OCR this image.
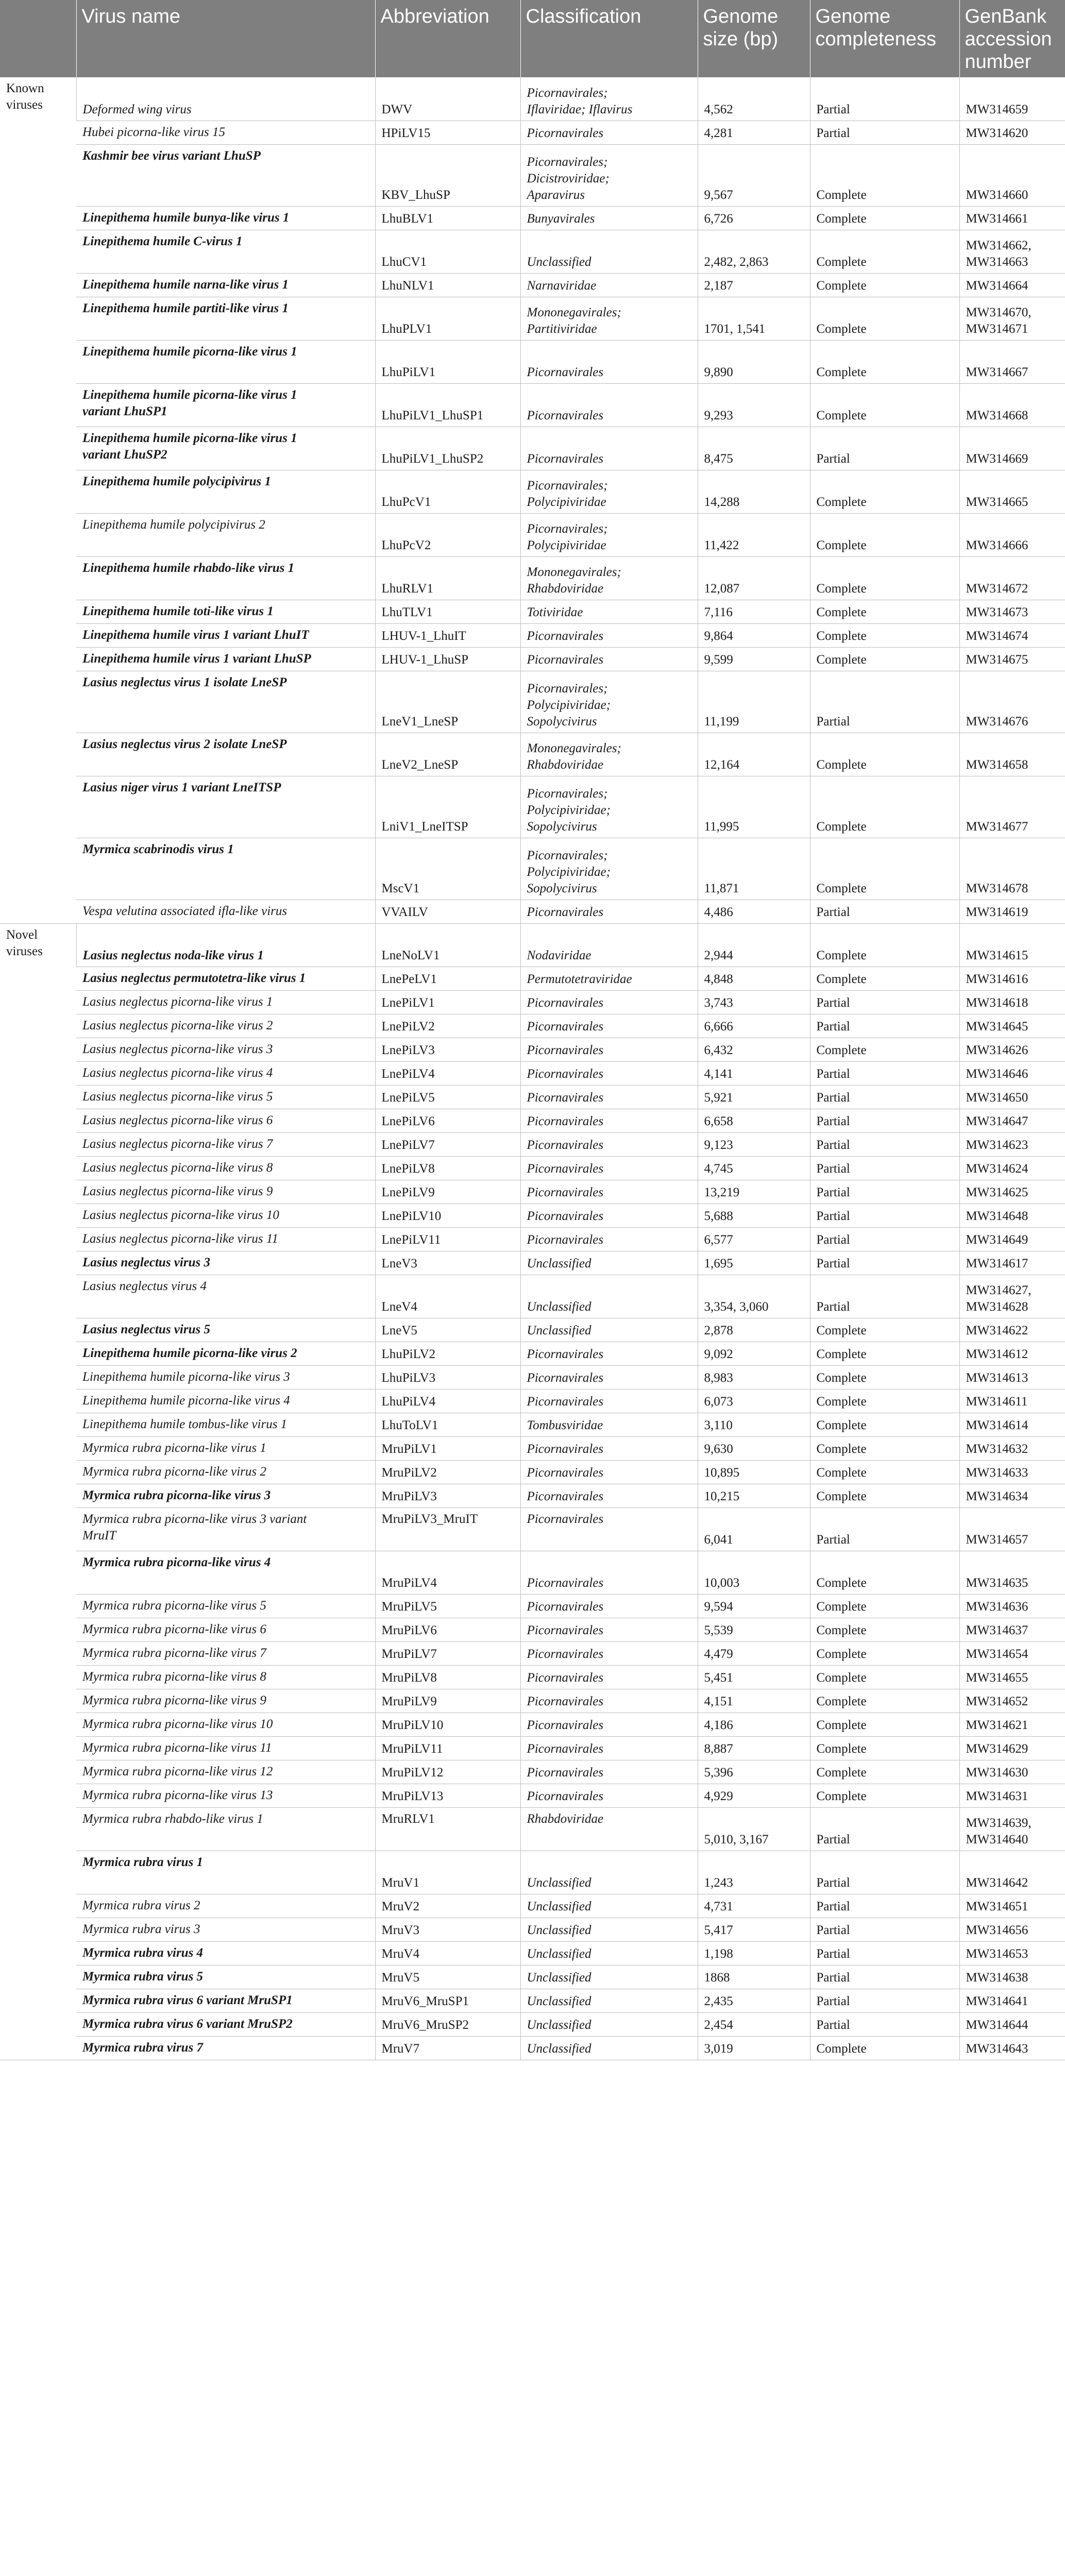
	Virus name	Abbreviation	Classification	Genome size (bp)	Genome completeness	GenBank accession number
Known viruses	Deformed wing virus	DWV	Picornavirales;
Iflaviridae; Iflavirus	4,562	Partial	MW314659
	Hubei picorna-like virus 15	HPiLV15	Picornavirales	4,281	Partial	MW314620
	Kashmir bee virus variant LhuSP	KBV_LhuSP	Picornavirales;
Dicistroviridae;
Aparavirus	9,567	Complete	MW314660
	Linepithema humile bunya-like virus 1	LhuBLV1	Bunyavirales	6,726	Complete	MW314661
	Linepithema humile C-virus 1	LhuCV1	Unclassified	2,482, 2,863	Complete	MW314662,
MW314663
	Linepithema humile narna-like virus 1	LhuNLV1	Narnaviridae	2,187	Complete	MW314664
	Linepithema humile partiti-like virus 1	LhuPLV1	Mononegavirales;
Partitiviridae	1701, 1,541	Complete	MW314670,
MW314671
	Linepithema humile picorna-like virus 1	LhuPiLV1	Picornavirales	9,890	Complete	MW314667
	Linepithema humile picorna-like virus 1
variant LhuSP1	LhuPiLV1_LhuSP1	Picornavirales	9,293	Complete	MW314668
	Linepithema humile picorna-like virus 1
variant LhuSP2	LhuPiLV1_LhuSP2	Picornavirales	8,475	Partial	MW314669
	Linepithema humile polycipivirus 1	LhuPcV1	Picornavirales;
Polycipiviridae	14,288	Complete	MW314665
	Linepithema humile polycipivirus 2	LhuPcV2	Picornavirales;
Polycipiviridae	11,422	Complete	MW314666
	Linepithema humile rhabdo-like virus 1	LhuRLV1	Mononegavirales;
Rhabdoviridae	12,087	Complete	MW314672
	Linepithema humile toti-like virus 1	LhuTLV1	Totiviridae	7,116	Complete	MW314673
	Linepithema humile virus 1 variant LhuIT	LHUV-1_LhuIT	Picornavirales	9,864	Complete	MW314674
	Linepithema humile virus 1 variant LhuSP	LHUV-1_LhuSP	Picornavirales	9,599	Complete	MW314675
	Lasius neglectus virus 1 isolate LneSP	LneV1_LneSP	Picornavirales;
Polycipiviridae;
Sopolycivirus	11,199	Partial	MW314676
	Lasius neglectus virus 2 isolate LneSP	LneV2_LneSP	Mononegavirales;
Rhabdoviridae	12,164	Complete	MW314658
	Lasius niger virus 1 variant LneITSP	LniV1_LneITSP	Picornavirales;
Polycipiviridae;
Sopolycivirus	11,995	Complete	MW314677
	Myrmica scabrinodis virus 1	MscV1	Picornavirales;
Polycipiviridae;
Sopolycivirus	11,871	Complete	MW314678
	Vespa velutina associated ifla-like virus	VVAILV	Picornavirales	4,486	Partial	MW314619
Novel viruses	Lasius neglectus noda-like virus 1	LneNoLV1	Nodaviridae	2,944	Complete	MW314615
	Lasius neglectus permutotetra-like virus 1	LnePeLV1	Permutotetraviridae	4,848	Complete	MW314616
	Lasius neglectus picorna-like virus 1	LnePiLV1	Picornavirales	3,743	Partial	MW314618
	Lasius neglectus picorna-like virus 2	LnePiLV2	Picornavirales	6,666	Partial	MW314645
	Lasius neglectus picorna-like virus 3	LnePiLV3	Picornavirales	6,432	Complete	MW314626
	Lasius neglectus picorna-like virus 4	LnePiLV4	Picornavirales	4,141	Partial	MW314646
	Lasius neglectus picorna-like virus 5	LnePiLV5	Picornavirales	5,921	Partial	MW314650
	Lasius neglectus picorna-like virus 6	LnePiLV6	Picornavirales	6,658	Partial	MW314647
	Lasius neglectus picorna-like virus 7	LnePiLV7	Picornavirales	9,123	Partial	MW314623
	Lasius neglectus picorna-like virus 8	LnePiLV8	Picornavirales	4,745	Partial	MW314624
	Lasius neglectus picorna-like virus 9	LnePiLV9	Picornavirales	13,219	Partial	MW314625
	Lasius neglectus picorna-like virus 10	LnePiLV10	Picornavirales	5,688	Partial	MW314648
	Lasius neglectus picorna-like virus 11	LnePiLV11	Picornavirales	6,577	Partial	MW314649
	Lasius neglectus virus 3	LneV3	Unclassified	1,695	Partial	MW314617
	Lasius neglectus virus 4	LneV4	Unclassified	3,354, 3,060	Partial	MW314627,
MW314628
	Lasius neglectus virus 5	LneV5	Unclassified	2,878	Complete	MW314622
	Linepithema humile picorna-like virus 2	LhuPiLV2	Picornavirales	9,092	Complete	MW314612
	Linepithema humile picorna-like virus 3	LhuPiLV3	Picornavirales	8,983	Complete	MW314613
	Linepithema humile picorna-like virus 4	LhuPiLV4	Picornavirales	6,073	Complete	MW314611
	Linepithema humile tombus-like virus 1	LhuToLV1	Tombusviridae	3,110	Complete	MW314614
	Myrmica rubra picorna-like virus 1	MruPiLV1	Picornavirales	9,630	Complete	MW314632
	Myrmica rubra picorna-like virus 2	MruPiLV2	Picornavirales	10,895	Complete	MW314633
	Myrmica rubra picorna-like virus 3	MruPiLV3	Picornavirales	10,215	Complete	MW314634
	Myrmica rubra picorna-like virus 3 variant
MruIT	MruPiLV3_MruIT	Picornavirales	6,041	Partial	MW314657
	Myrmica rubra picorna-like virus 4	MruPiLV4	Picornavirales	10,003	Complete	MW314635
	Myrmica rubra picorna-like virus 5	MruPiLV5	Picornavirales	9,594	Complete	MW314636
	Myrmica rubra picorna-like virus 6	MruPiLV6	Picornavirales	5,539	Complete	MW314637
	Myrmica rubra picorna-like virus 7	MruPiLV7	Picornavirales	4,479	Complete	MW314654
	Myrmica rubra picorna-like virus 8	MruPiLV8	Picornavirales	5,451	Complete	MW314655
	Myrmica rubra picorna-like virus 9	MruPiLV9	Picornavirales	4,151	Complete	MW314652
	Myrmica rubra picorna-like virus 10	MruPiLV10	Picornavirales	4,186	Complete	MW314621
	Myrmica rubra picorna-like virus 11	MruPiLV11	Picornavirales	8,887	Complete	MW314629
	Myrmica rubra picorna-like virus 12	MruPiLV12	Picornavirales	5,396	Complete	MW314630
	Myrmica rubra picorna-like virus 13	MruPiLV13	Picornavirales	4,929	Complete	MW314631
	Myrmica rubra rhabdo-like virus 1	MruRLV1	Rhabdoviridae	5,010, 3,167	Partial	MW314639,
MW314640
	Myrmica rubra virus 1	MruV1	Unclassified	1,243	Partial	MW314642
	Myrmica rubra virus 2	MruV2	Unclassified	4,731	Partial	MW314651
	Myrmica rubra virus 3	MruV3	Unclassified	5,417	Partial	MW314656
	Myrmica rubra virus 4	MruV4	Unclassified	1,198	Partial	MW314653
	Myrmica rubra virus 5	MruV5	Unclassified	1868	Partial	MW314638
	Myrmica rubra virus 6 variant MruSP1	MruV6_MruSP1	Unclassified	2,435	Partial	MW314641
	Myrmica rubra virus 6 variant MruSP2	MruV6_MruSP2	Unclassified	2,454	Partial	MW314644
	Myrmica rubra virus 7	MruV7	Unclassified	3,019	Complete	MW314643
